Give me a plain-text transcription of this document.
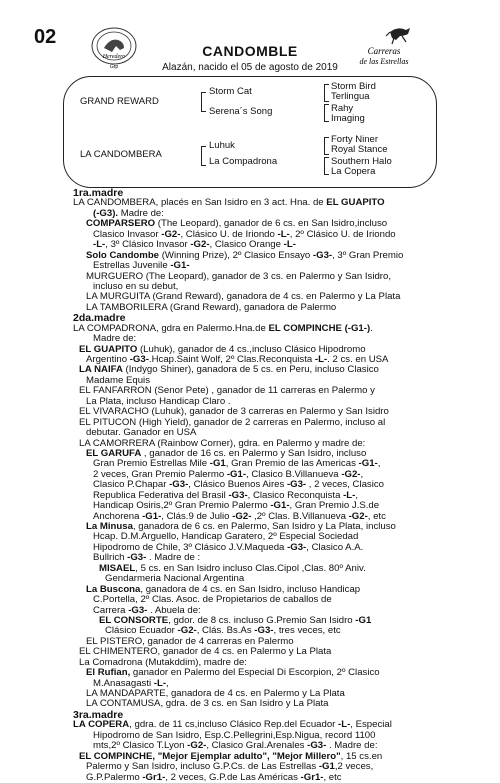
02
Heredero
Grp
CANDOMBLE
Alazán, nacido el 05 de agosto de 2019
Carreras
de las Estrellas
GRAND REWARD
LA CANDOMBERA
Storm Cat
Serena´s Song
Luhuk
La Compadrona
Storm Bird
Terlingua
Rahy
Imaging
Forty Niner
Royal Stance
Southern Halo
La Copera
1ra.madre
LA CANDOMBERA, placés en San Isidro en 3 act. Hna. de EL GUAPITO
(-G3). Madre de:
COMPARSERO (The Leopard), ganador de 6 cs. en San Isidro,incluso
Clasico Invasor -G2-, Clásico U. de Iriondo -L-, 2º Clásico U. de Iriondo
-L-, 3º Clásico Invasor -G2-, Clasico Orange -L-
Solo Candombe (Winning Prize), 2º Clasico Ensayo -G3-, 3º Gran Premio
Estrellas Juvenile -G1-
MURGUERO (The Leopard), ganador de 3 cs. en Palermo y San Isidro,
incluso en su debut,
LA MURGUITA (Grand Reward), ganadora de 4 cs. en Palermo y La Plata
LA TAMBORILERA (Grand Reward), ganadora de Palermo
2da.madre
LA COMPADRONA, gdra en Palermo.Hna.de EL COMPINCHE (-G1-).
Madre de:
EL GUAPITO (Luhuk), ganador de 4 cs.,incluso Clásico Hipodromo
Argentino -G3-.Hcap.Saint Wolf, 2º Clas.Reconquista -L-. 2 cs. en USA
LA NAIFA (Indygo Shiner), ganadora de 5 cs. en Peru, incluso Clasico
Madame Equis
EL FANFARRON (Senor Pete) , ganador de 11 carreras en Palermo y
La Plata, incluso Handicap Claro .
EL VIVARACHO (Luhuk), ganador de 3 carreras en Palermo y San Isidro
EL PITUCON (High Yield), ganador de 2 carreras en Palermo, incluso al
debutar. Ganador en USA
LA CAMORRERA (Rainbow Corner), gdra. en Palermo y madre de:
EL GARUFA , ganador de 16 cs. en Palermo y San Isidro, incluso
Gran Premio Estrellas Mile -G1, Gran Premio de las Americas -G1-,
2 veces, Gran Premio Palermo -G1-, Clasico B.Villanueva -G2-,
Clasico P.Chapar -G3-, Clásico Buenos Aires -G3- , 2 veces, Clasico
Republica Federativa del Brasil -G3-, Clasico Reconquista -L-,
Handicap Osiris,2º Gran Premio Palermo -G1-, Gran Premio J.S.de
Anchorena -G1-, Clás.9 de Julio -G2- ,2º Clas. B.Villanueva -G2-, etc
La Minusa, ganadora de 6 cs. en Palermo, San Isidro y La Plata, incluso
Hcap. D.M.Arguello, Handicap Garatero, 2º Especial Sociedad
Hipodromo de Chile, 3º Clásico J.V.Maqueda -G3-, Clasico A.A.
Bullrich -G3- . Madre de :
MISAEL, 5 cs. en San Isidro incluso Clas.Cipol ,Clas. 80º Aniv.
Gendarmeria Nacional Argentina
La Buscona, ganadora de 4 cs. en San Isidro, incluso Handicap
C.Portella, 2º Clas. Asoc. de Propietarios de caballos de
Carrera -G3- . Abuela de:
EL CONSORTE, gdor. de 8 cs. incluso G.Premio San Isidro -G1
Clásico Ecuador -G2-, Clás. Bs.As -G3-, tres veces, etc
EL PISTERO, ganador de 4 carreras en Palermo
EL CHIMENTERO, ganador de 4 cs. en Palermo y La Plata
La Comadrona (Mutakddim), madre de:
El Rufian, ganador en Palermo del Especial Di Escorpion, 2º Clasico
M.Anasagasti -L-,
LA MANDAPARTE, ganadora de 4 cs. en Palermo y La Plata
LA CONTAMUSA, gdra. de 3 cs. en San Isidro y La Plata
3ra.madre
LA COPERA, gdra. de 11 cs,incluso Clásico Rep.del Ecuador -L-, Especial
Hipodromo de San Isidro, Esp.C.Pellegrini,Esp.Nigua, record 1100
mts,2º Clasico T.Lyon -G2-, Clasico Gral.Arenales -G3- . Madre de:
EL COMPINCHE, "Mejor Ejemplar adulto", "Mejor Millero", 15 cs.en
Palermo y San Isidro, incluso G.P.Cs. de Las Estrellas -G1,2 veces,
G.P.Palermo -Gr1-, 2 veces, G.P.de Las Américas -Gr1-, etc
